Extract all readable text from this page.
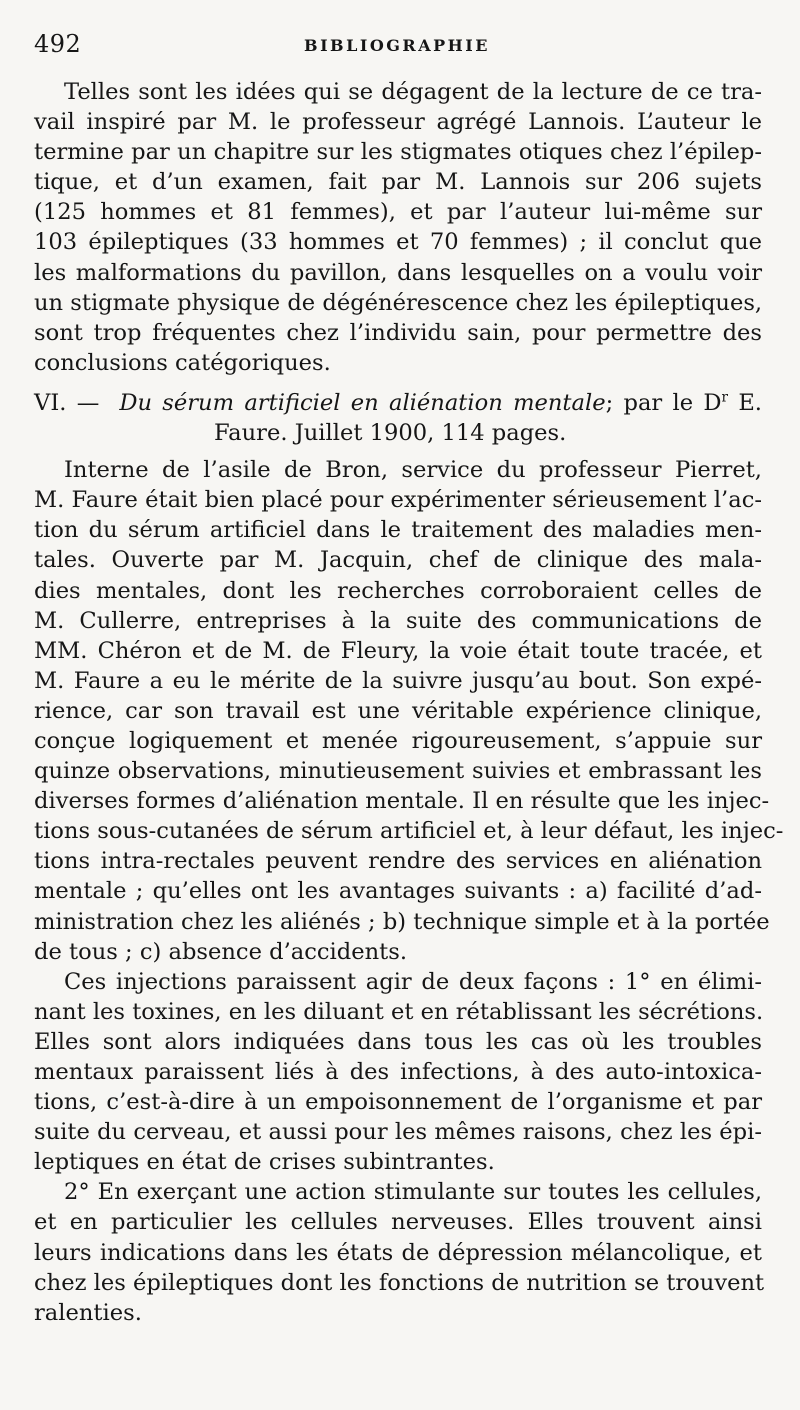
492	BIBLIOGRAPHIE
Telles sont les idées qui se dégagent de la lecture de ce tra-
vail inspiré par M. le professeur agrégé Lannois. L’auteur le
termine par un chapitre sur les stigmates otiques chez l’épilep-
tique, et d’un examen, fait par M. Lannois sur 206 sujets
(125 hommes et 81 femmes), et par l’auteur lui-même sur
103 épileptiques (33 hommes et 70 femmes) ; il conclut que
les malformations du pavillon, dans lesquelles on a voulu voir
un stigmate physique de dégénérescence chez les épileptiques,
sont trop fréquentes chez l’individu sain, pour permettre des
conclusions catégoriques.
VI. — Du sérum artificiel en aliénation mentale; par le $D^r$ E.
Faure. Juillet 1900, 114 pages.
Interne de l’asile de Bron, service du professeur Pierret,
M. Faure était bien placé pour expérimenter sérieusement l’ac-
tion du sérum artificiel dans le traitement des maladies men-
tales. Ouverte par M. Jacquin, chef de clinique des mala-
dies mentales, dont les recherches corroboraient celles de
M. Cullerre, entreprises à la suite des communications de
MM. Chéron et de M. de Fleury, la voie était toute tracée, et
M. Faure a eu le mérite de la suivre jusqu’au bout. Son expé-
rience, car son travail est une véritable expérience clinique,
conçue logiquement et menée rigoureusement, s’appuie sur
quinze observations, minutieusement suivies et embrassant les
diverses formes d’aliénation mentale. Il en résulte que les injec-
tions sous-cutanées de sérum artificiel et, à leur défaut, les injec-
tions intra-rectales peuvent rendre des services en aliénation
mentale ; qu’elles ont les avantages suivants : a) facilité d’ad-
ministration chez les aliénés ; b) technique simple et à la portée
de tous ; c) absence d’accidents.
Ces injections paraissent agir de deux façons : 1° en élimi-
nant les toxines, en les diluant et en rétablissant les sécrétions.
Elles sont alors indiquées dans tous les cas où les troubles
mentaux paraissent liés à des infections, à des auto-intoxica-
tions, c’est-à-dire à un empoisonnement de l’organisme et par
suite du cerveau, et aussi pour les mêmes raisons, chez les épi-
leptiques en état de crises subintrantes.
2° En exerçant une action stimulante sur toutes les cellules,
et en particulier les cellules nerveuses. Elles trouvent ainsi
leurs indications dans les états de dépression mélancolique, et
chez les épileptiques dont les fonctions de nutrition se trouvent
ralenties.
